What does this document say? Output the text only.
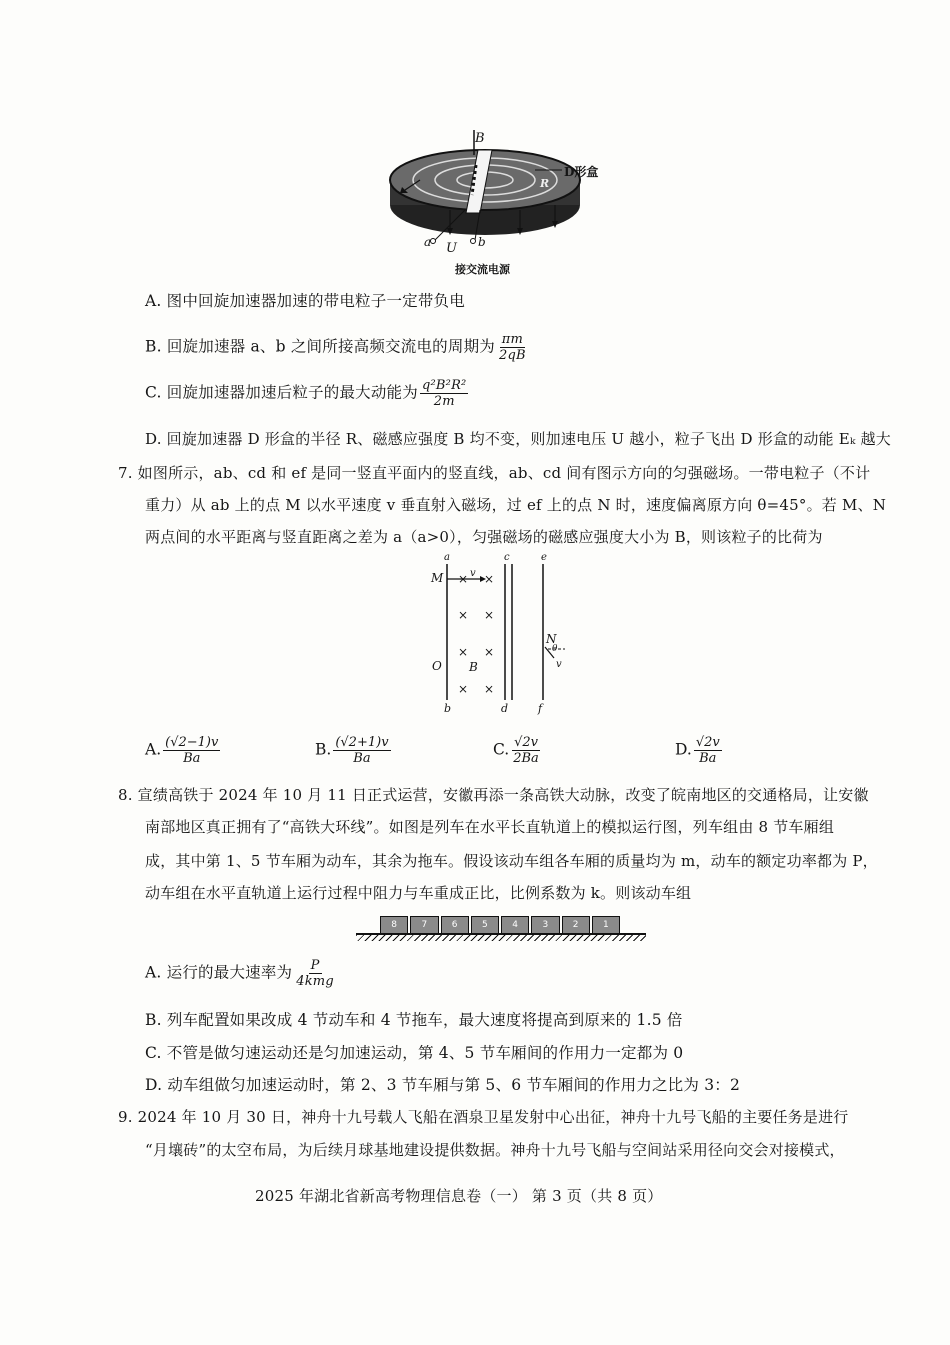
B
D形盒
R
a U b
接交流电源
A. 图中回旋加速器加速的带电粒子一定带负电
B. 回旋加速器 a、b 之间所接高频交流电的周期为 $\frac{\pi m}{2qB}$
C. 回旋加速器加速后粒子的最大动能为 $\frac{\text{q²B²R²}}{2m}$
D. 回旋加速器 D 形盒的半径 R、磁感应强度 B 均不变，则加速电压 U 越小，粒子飞出 D 形盒的动能 Eₖ 越大
7. 如图所示，ab、cd 和 ef 是同一竖直平面内的竖直线，ab、cd 间有图示方向的匀强磁场。一带电粒子（不计
重力）从 ab 上的点 M 以水平速度 v 垂直射入磁场，过 ef 上的点 N 时，速度偏离原方向 θ=45°。若 M、N
两点间的水平距离与竖直距离之差为 a（a>0），匀强磁场的磁感应强度大小为 B，则该粒子的比荷为
a	c	e
M	v
× ×
× ×
× ×
× ×
O B
N
θ
v
b	d	f
A. $\frac{(√2-1)v}{Ba}$	B. $\frac{(√2+1)v}{Ba}$	C. $\frac{√2v}{2Ba}$	D. $\frac{√2v}{Ba}$
8. 宣绩高铁于 2024 年 10 月 11 日正式运营，安徽再添一条高铁大动脉，改变了皖南地区的交通格局，让安徽
南部地区真正拥有了“高铁大环线”。如图是列车在水平长直轨道上的模拟运行图，列车组由 8 节车厢组
成，其中第 1、5 节车厢为动车，其余为拖车。假设该动车组各车厢的质量均为 m，动车的额定功率都为 P，
动车组在水平直轨道上运行过程中阻力与车重成正比，比例系数为 k。则该动车组
8	7	6	5	4	3	2	1
A. 运行的最大速率为 $\frac{P}{\text{4kmg}}$
B. 列车配置如果改成 4 节动车和 4 节拖车，最大速度将提高到原来的 1.5 倍
C. 不管是做匀速运动还是匀加速运动，第 4、5 节车厢间的作用力一定都为 0
D. 动车组做匀加速运动时，第 2、3 节车厢与第 5、6 节车厢间的作用力之比为 3：2
9. 2024 年 10 月 30 日，神舟十九号载人飞船在酒泉卫星发射中心出征，神舟十九号飞船的主要任务是进行
“月壤砖”的太空布局，为后续月球基地建设提供数据。神舟十九号飞船与空间站采用径向交会对接模式，
2025 年湖北省新高考物理信息卷（一） 第 3 页（共 8 页）
